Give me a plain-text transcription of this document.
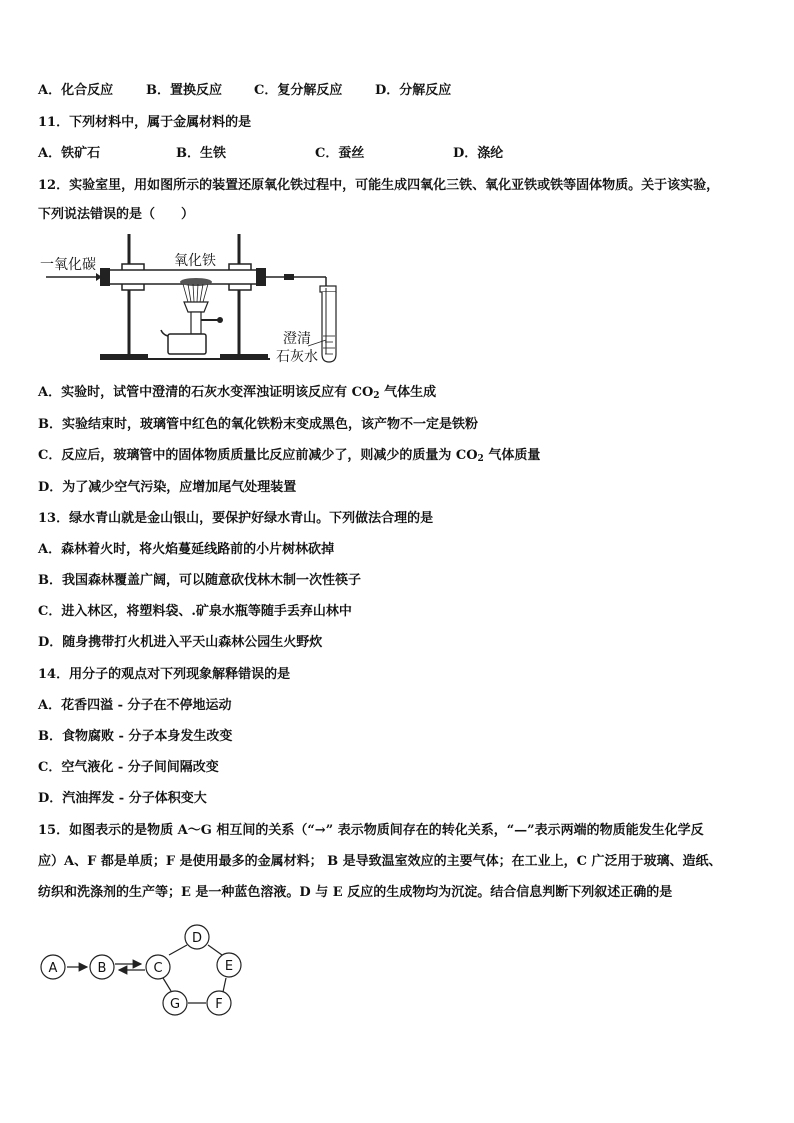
A．化合反应	B．置换反应 C．复分解反应	D．分解反应
11．下列材料中，属于金属材料的是
A．铁矿石	B．生铁	C．蚕丝	D．涤纶
12．实验室里，用如图所示的装置还原氧化铁过程中，可能生成四氧化三铁、氧化亚铁或铁等固体物质。关于该实验，
下列说法错误的是（　　）
一氧化碳	氧化铁
澄清
石灰水
A．实验时，试管中澄清的石灰水变浑浊证明该反应有 $CO_2$ 气体生成
B．实验结束时，玻璃管中红色的氧化铁粉末变成黑色，该产物不一定是铁粉
C．反应后，玻璃管中的固体物质质量比反应前减少了，则减少的质量为 $CO_2$ 气体质量
D．为了减少空气污染，应增加尾气处理装置
13．绿水青山就是金山银山，要保护好绿水青山。下列做法合理的是
A．森林着火时，将火焰蔓延线路前的小片树林砍掉
B．我国森林覆盖广阔，可以随意砍伐林木制一次性筷子
C．进入林区，将塑料袋、.矿泉水瓶等随手丢弃山林中
D．随身携带打火机进入平天山森林公园生火野炊
14．用分子的观点对下列现象解释错误的是
A．花香四溢 - 分子在不停地运动
B．食物腐败 - 分子本身发生改变
C．空气液化 - 分子间间隔改变
D．汽油挥发 - 分子体积变大
15．如图表示的是物质 A～G 相互间的关系（“→” 表示物质间存在的转化关系，“—”表示两端的物质能发生化学反
应）A、F 都是单质；F 是使用最多的金属材料； B 是导致温室效应的主要气体；在工业上，C 广泛用于玻璃、造纸、
纺织和洗涤剂的生产等；E 是一种蓝色溶液。D 与 E 反应的生成物均为沉淀。结合信息判断下列叙述正确的是
A	B	C
D
E
F
G
